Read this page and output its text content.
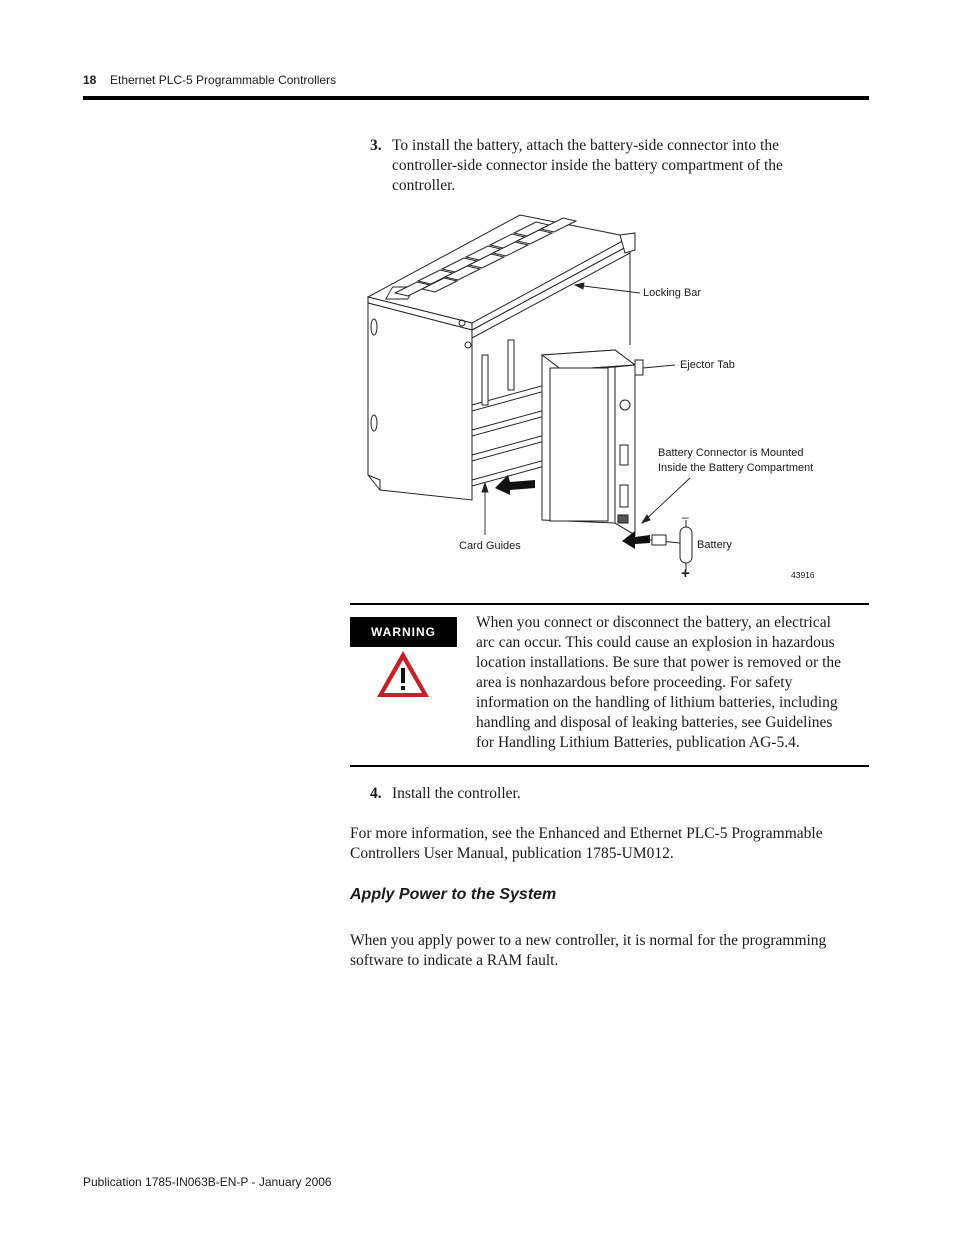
18 Ethernet PLC-5 Programmable Controllers
3. To install the battery, attach the battery-side connector into the
controller-side connector inside the battery compartment of the
controller.
Locking Bar
Ejector Tab
Battery Connector is Mounted
Inside the Battery Compartment
Card Guides	Battery
–
+	43916
WARNING
When you connect or disconnect the battery, an electrical
arc can occur. This could cause an explosion in hazardous
location installations. Be sure that power is removed or the
area is nonhazardous before proceeding. For safety
information on the handling of lithium batteries, including
handling and disposal of leaking batteries, see Guidelines
for Handling Lithium Batteries, publication AG-5.4.
4. Install the controller.
For more information, see the Enhanced and Ethernet PLC-5 Programmable
Controllers User Manual, publication 1785-UM012.
Apply Power to the System
When you apply power to a new controller, it is normal for the programming
software to indicate a RAM fault.
Publication 1785-IN063B-EN-P - January 2006
